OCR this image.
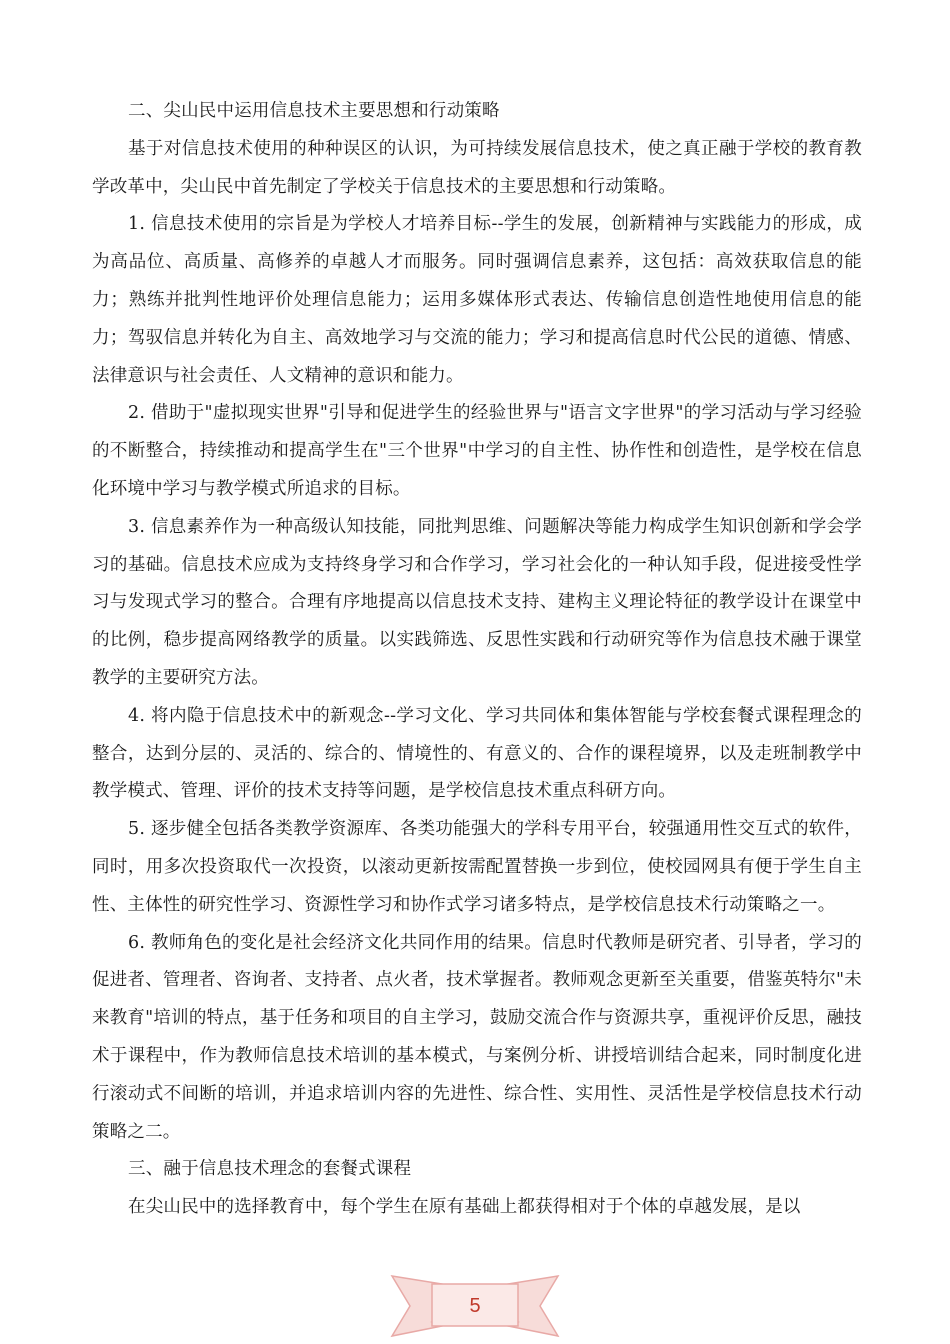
二、尖山民中运用信息技术主要思想和行动策略

基于对信息技术使用的种种误区的认识，为可持续发展信息技术，使之真正融于学校的教育教学改革中，尖山民中首先制定了学校关于信息技术的主要思想和行动策略。

1. 信息技术使用的宗旨是为学校人才培养目标--学生的发展，创新精神与实践能力的形成，成为高品位、高质量、高修养的卓越人才而服务。同时强调信息素养，这包括：高效获取信息的能力；熟练并批判性地评价处理信息能力；运用多媒体形式表达、传输信息创造性地使用信息的能力；驾驭信息并转化为自主、高效地学习与交流的能力；学习和提高信息时代公民的道德、情感、法律意识与社会责任、人文精神的意识和能力。

2. 借助于"虚拟现实世界"引导和促进学生的经验世界与"语言文字世界"的学习活动与学习经验的不断整合，持续推动和提高学生在"三个世界"中学习的自主性、协作性和创造性，是学校在信息化环境中学习与教学模式所追求的目标。

3. 信息素养作为一种高级认知技能，同批判思维、问题解决等能力构成学生知识创新和学会学习的基础。信息技术应成为支持终身学习和合作学习，学习社会化的一种认知手段，促进接受性学习与发现式学习的整合。合理有序地提高以信息技术支持、建构主义理论特征的教学设计在课堂中的比例，稳步提高网络教学的质量。以实践筛选、反思性实践和行动研究等作为信息技术融于课堂教学的主要研究方法。

4. 将内隐于信息技术中的新观念--学习文化、学习共同体和集体智能与学校套餐式课程理念的整合，达到分层的、灵活的、综合的、情境性的、有意义的、合作的课程境界，以及走班制教学中教学模式、管理、评价的技术支持等问题，是学校信息技术重点科研方向。

5. 逐步健全包括各类教学资源库、各类功能强大的学科专用平台，较强通用性交互式的软件，同时，用多次投资取代一次投资，以滚动更新按需配置替换一步到位，使校园网具有便于学生自主性、主体性的研究性学习、资源性学习和协作式学习诸多特点，是学校信息技术行动策略之一。

6. 教师角色的变化是社会经济文化共同作用的结果。信息时代教师是研究者、引导者，学习的促进者、管理者、咨询者、支持者、点火者，技术掌握者。教师观念更新至关重要，借鉴英特尔"未来教育"培训的特点，基于任务和项目的自主学习，鼓励交流合作与资源共享，重视评价反思，融技术于课程中，作为教师信息技术培训的基本模式，与案例分析、讲授培训结合起来，同时制度化进行滚动式不间断的培训，并追求培训内容的先进性、综合性、实用性、灵活性是学校信息技术行动策略之二。

三、融于信息技术理念的套餐式课程

在尖山民中的选择教育中，每个学生在原有基础上都获得相对于个体的卓越发展，是以

5
